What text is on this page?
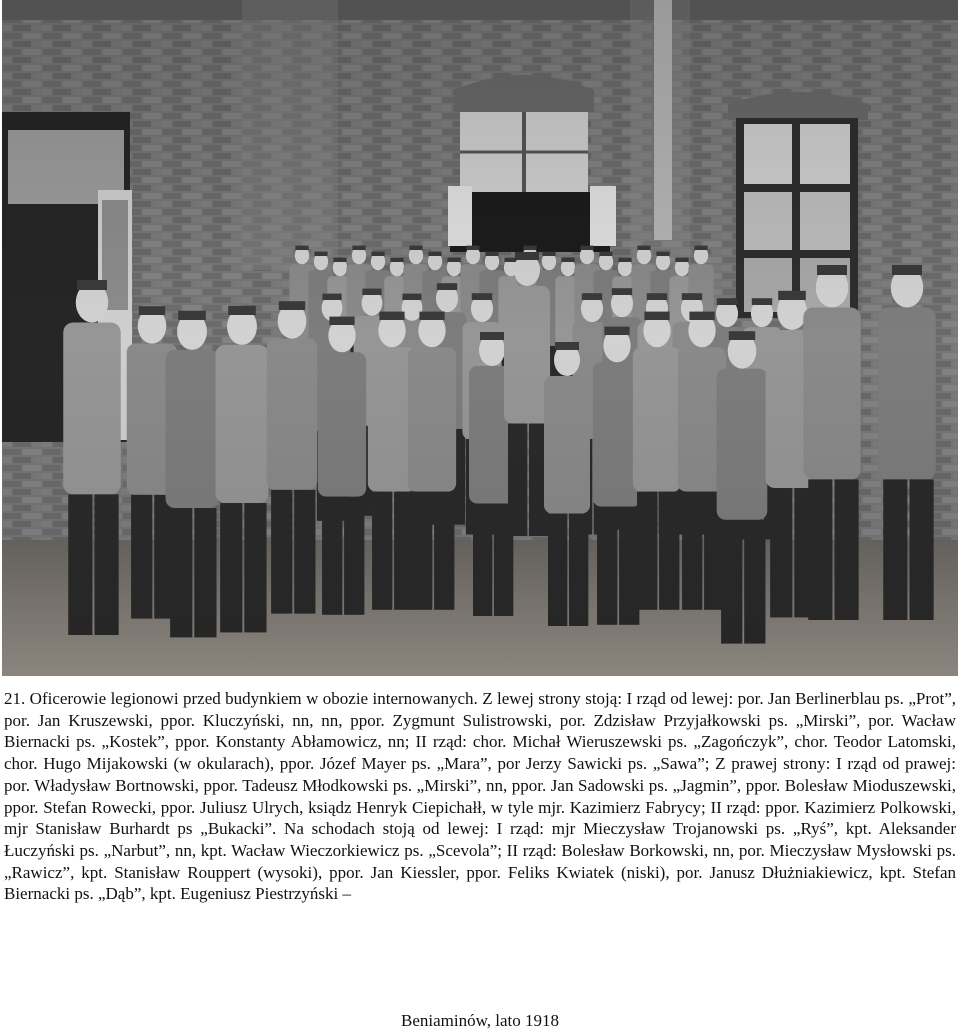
21. Oficerowie legionowi przed budynkiem w obozie internowanych. Z lewej strony stoją: I rząd od lewej: por. Jan Berlinerblau ps. „Prot”, por. Jan Kruszewski, ppor. Kluczyński, nn, nn, ppor. Zygmunt Sulistrowski, por. Zdzisław Przyjałkowski ps. „Mirski”, por. Wacław Biernacki ps. „Kostek”, ppor. Konstanty Abłamowicz, nn; II rząd: chor. Michał Wieruszewski ps. „Zagończyk”, chor. Teodor Latomski, chor. Hugo Mijakowski (w okularach), ppor. Józef Mayer ps. „Mara”, por Jerzy Sawicki ps. „Sawa”; Z prawej strony: I rząd od prawej: por. Władysław Bortnowski, ppor. Tadeusz Młodkowski ps. „Mirski”, nn, ppor. Jan Sadowski ps. „Jagmin”, ppor. Bolesław Mioduszewski, ppor. Stefan Rowecki, ppor. Juliusz Ulrych, ksiądz Henryk Ciepichałł, w tyle mjr. Kazimierz Fabrycy; II rząd: ppor. Kazimierz Polkowski, mjr Stanisław Burhardt ps „Bukacki”. Na schodach stoją od lewej: I rząd: mjr Mieczysław Trojanowski ps. „Ryś”, kpt. Aleksander Łuczyński ps. „Narbut”, nn, kpt. Wacław Wieczorkiewicz ps. „Scevola”; II rząd: Bolesław Borkowski, nn, por. Mieczysław Mysłowski ps. „Rawicz”, kpt. Stanisław Rouppert (wysoki), ppor. Jan Kiessler, ppor. Feliks Kwiatek (niski), por. Janusz Dłużniakiewicz, kpt. Stefan Biernacki ps. „Dąb”, kpt. Eugeniusz Piestrzyński –
Beniaminów, lato 1918
